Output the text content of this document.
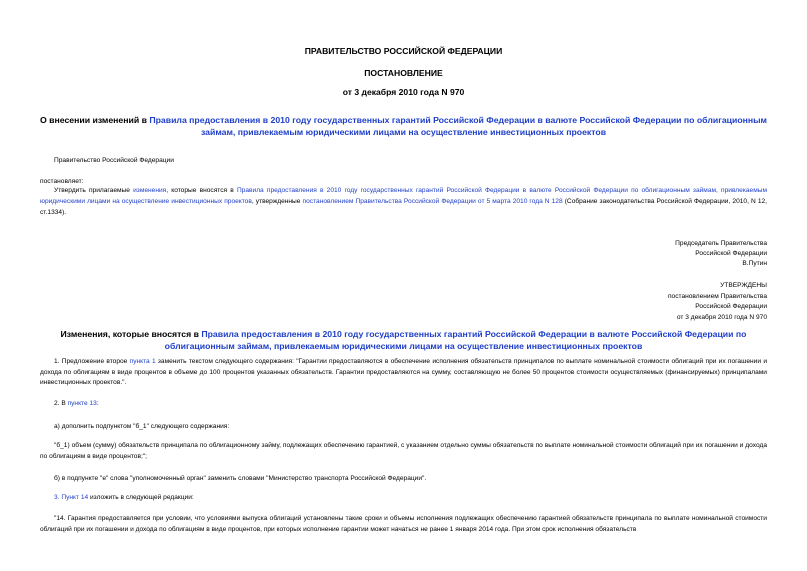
ПРАВИТЕЛЬСТВО РОССИЙСКОЙ ФЕДЕРАЦИИ
ПОСТАНОВЛЕНИЕ
от 3 декабря 2010 года N 970
О внесении изменений в Правила предоставления в 2010 году государственных гарантий Российской Федерации в валюте Российской Федерации по облигационным займам, привлекаемым юридическими лицами на осуществление инвестиционных проектов
Правительство Российской Федерации
постановляет:
Утвердить прилагаемые изменения, которые вносятся в Правила предоставления в 2010 году государственных гарантий Российской Федерации в валюте Российской Федерации по облигационным займам, привлекаемым юридическими лицами на осуществление инвестиционных проектов, утвержденные постановлением Правительства Российской Федерации от 5 марта 2010 года N 128 (Собрание законодательства Российской Федерации, 2010, N 12, ст.1334).
Председатель Правительства
Российской Федерации
В.Путин
УТВЕРЖДЕНЫ
постановлением Правительства
Российской Федерации
от 3 декабря 2010 года N 970
Изменения, которые вносятся в Правила предоставления в 2010 году государственных гарантий Российской Федерации в валюте Российской Федерации по облигационным займам, привлекаемым юридическими лицами на осуществление инвестиционных проектов
1. Предложение второе пункта 1 заменить текстом следующего содержания: "Гарантии предоставляются в обеспечение исполнения обязательств принципалов по выплате номинальной стоимости облигаций при их погашении и дохода по облигациям в виде процентов в объеме до 100 процентов указанных обязательств. Гарантии предоставляются на сумму, составляющую не более 50 процентов стоимости осуществляемых (финансируемых) принципалами инвестиционных проектов.".
2. В пункте 13:
а) дополнить подпунктом "б_1" следующего содержания:
"б_1) объем (сумму) обязательств принципала по облигационному займу, подлежащих обеспечению гарантией, с указанием отдельно суммы обязательств по выплате номинальной стоимости облигаций при их погашении и дохода по облигациям в виде процентов;";
б) в подпункте "е" слова "уполномоченный орган" заменить словами "Министерство транспорта Российской Федерации".
3. Пункт 14 изложить в следующей редакции:
"14. Гарантия предоставляется при условии, что условиями выпуска облигаций установлены такие сроки и объемы исполнения подлежащих обеспечению гарантией обязательств принципала по выплате номинальной стоимости облигаций при их погашении и дохода по облигациям в виде процентов, при которых исполнение гарантии может начаться не ранее 1 января 2014 года. При этом срок исполнения обязательств
